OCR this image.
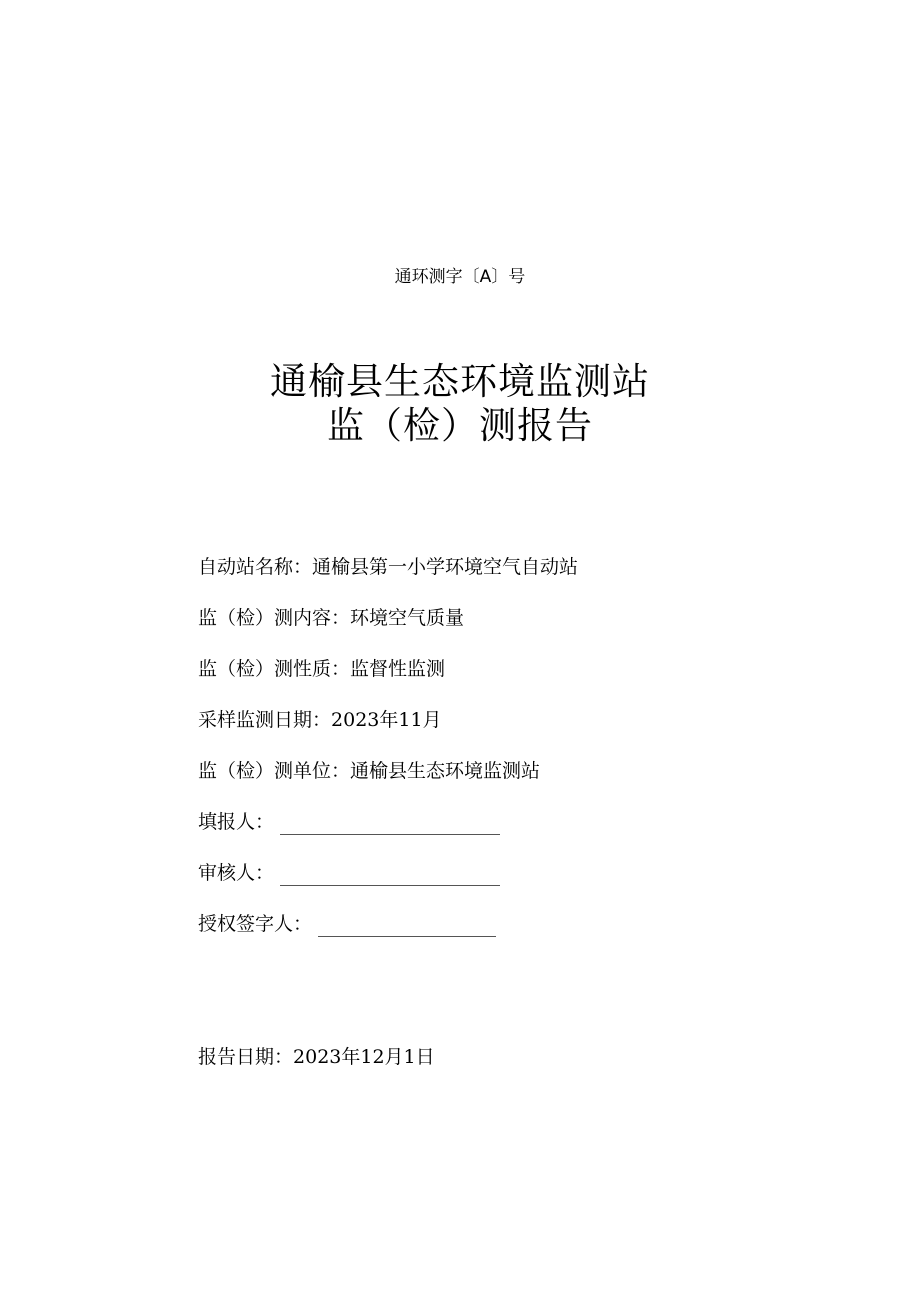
通环测字〔A〕号
通榆县生态环境监测站
监（检）测报告
自动站名称：通榆县第一小学环境空气自动站
监（检）测内容：环境空气质量
监（检）测性质：监督性监测
采样监测日期：2023年11月
监（检）测单位：通榆县生态环境监测站
填报人：
审核人：
授权签字人：
报告日期：2023年12月1日
